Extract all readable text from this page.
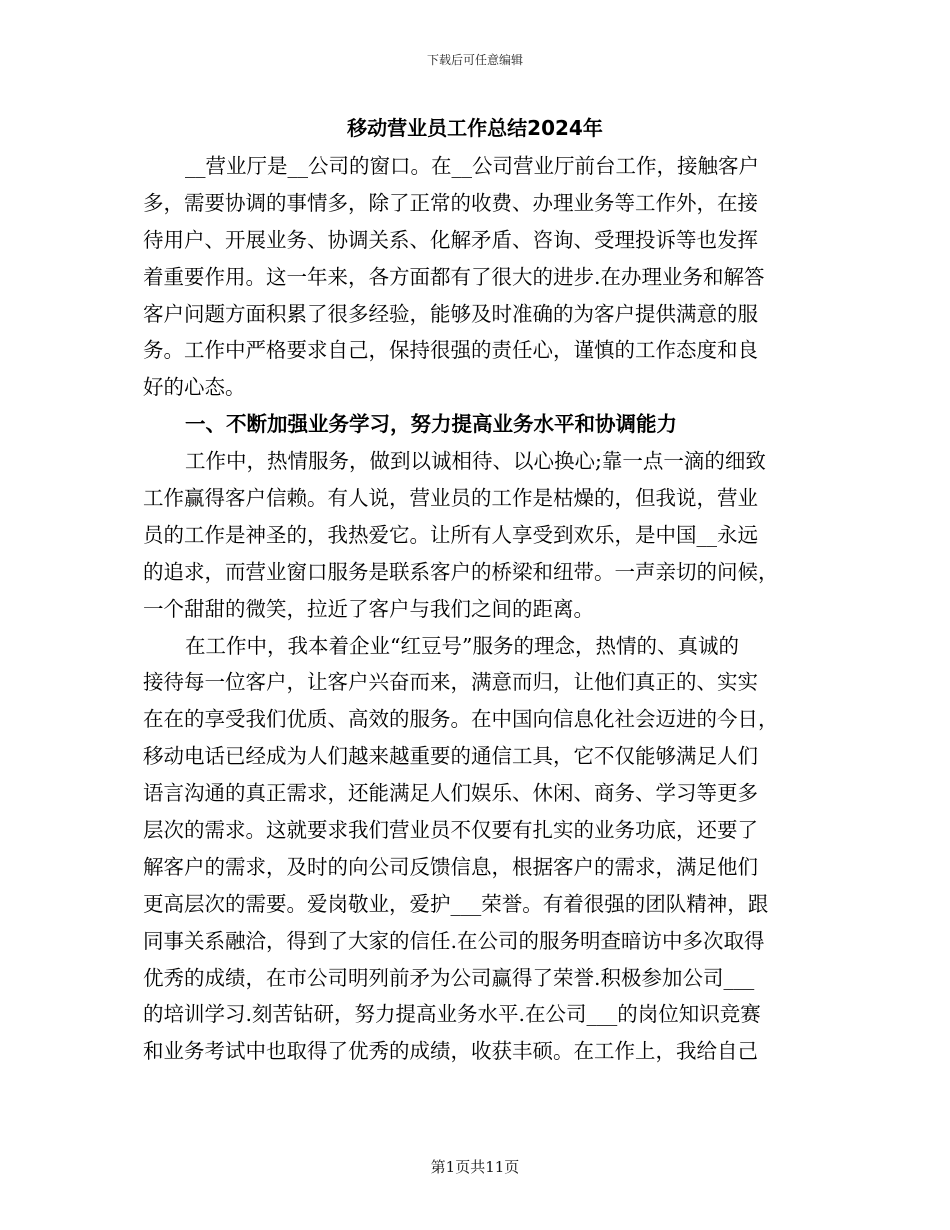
下载后可任意编辑
移动营业员工作总结2024年
__营业厅是__公司的窗口。在__公司营业厅前台工作，接触客户
多，需要协调的事情多，除了正常的收费、办理业务等工作外，在接
待用户、开展业务、协调关系、化解矛盾、咨询、受理投诉等也发挥
着重要作用。这一年来，各方面都有了很大的进步.在办理业务和解答
客户问题方面积累了很多经验，能够及时准确的为客户提供满意的服
务。工作中严格要求自己，保持很强的责任心，谨慎的工作态度和良
好的心态。
一、不断加强业务学习，努力提高业务水平和协调能力
工作中，热情服务，做到以诚相待、以心换心;靠一点一滴的细致
工作赢得客户信赖。有人说，营业员的工作是枯燥的，但我说，营业
员的工作是神圣的，我热爱它。让所有人享受到欢乐，是中国__永远
的追求，而营业窗口服务是联系客户的桥梁和纽带。一声亲切的问候，
一个甜甜的微笑，拉近了客户与我们之间的距离。
在工作中，我本着企业“红豆号”服务的理念，热情的、真诚的
接待每一位客户，让客户兴奋而来，满意而归，让他们真正的、实实
在在的享受我们优质、高效的服务。在中国向信息化社会迈进的今日，
移动电话已经成为人们越来越重要的通信工具，它不仅能够满足人们
语言沟通的真正需求，还能满足人们娱乐、休闲、商务、学习等更多
层次的需求。这就要求我们营业员不仅要有扎实的业务功底，还要了
解客户的需求，及时的向公司反馈信息，根据客户的需求，满足他们
更高层次的需要。爱岗敬业，爱护___荣誉。有着很强的团队精神，跟
同事关系融洽，得到了大家的信任.在公司的服务明查暗访中多次取得
优秀的成绩，在市公司明列前矛为公司赢得了荣誉.积极参加公司___
的培训学习.刻苦钻研，努力提高业务水平.在公司___的岗位知识竞赛
和业务考试中也取得了优秀的成绩，收获丰硕。在工作上，我给自己
第1页共11页
